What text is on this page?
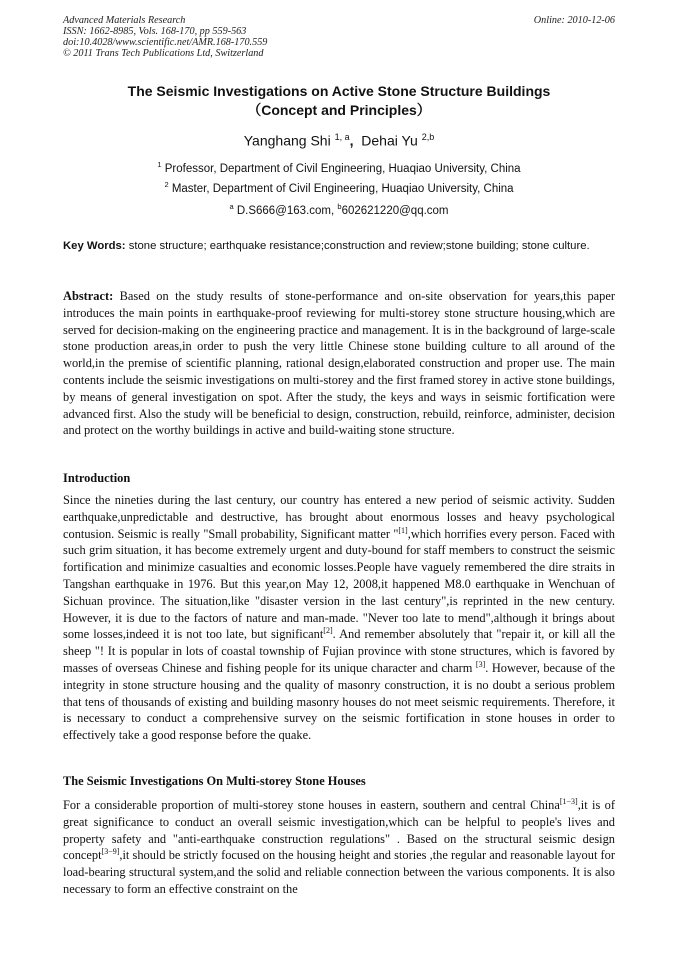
Advanced Materials Research	Online: 2010-12-06
ISSN: 1662-8985, Vols. 168-170, pp 559-563
doi:10.4028/www.scientific.net/AMR.168-170.559
© 2011 Trans Tech Publications Ltd, Switzerland
The Seismic Investigations on Active Stone Structure Buildings
（Concept and Principles）
Yanghang Shi $^{1, a}$, Dehai Yu $^{2,b}$
$^1$ Professor, Department of Civil Engineering, Huaqiao University, China
$^2$ Master, Department of Civil Engineering, Huaqiao University, China
$^a$ D.S666@163.com, $^b$602621220@qq.com
Key Words: stone structure; earthquake resistance;construction and review;stone building; stone culture.
Abstract: Based on the study results of stone-performance and on-site observation for years,this paper introduces the main points in earthquake-proof reviewing for multi-storey stone structure housing,which are served for decision-making on the engineering practice and management. It is in the background of large-scale stone production areas,in order to push the very little Chinese stone building culture to all around of the world,in the premise of scientific planning, rational design,elaborated construction and proper use. The main contents include the seismic investigations on multi-storey and the first framed storey in active stone buildings, by means of general investigation on spot. After the study, the keys and ways in seismic fortification were advanced first. Also the study will be beneficial to design, construction, rebuild, reinforce, administer, decision and protect on the worthy buildings in active and build-waiting stone structure.
Introduction
Since the nineties during the last century, our country has entered a new period of seismic activity. Sudden earthquake,unpredictable and destructive, has brought about enormous losses and heavy psychological contusion. Seismic is really "Small probability, Significant matter "[1],which horrifies every person. Faced with such grim situation, it has become extremely urgent and duty-bound for staff members to construct the seismic fortification and minimize casualties and economic losses.People have vaguely remembered the dire straits in Tangshan earthquake in 1976. But this year,on May 12, 2008,it happened M8.0 earthquake in Wenchuan of Sichuan province. The situation,like "disaster version in the last century",is reprinted in the new century. However, it is due to the factors of nature and man-made. "Never too late to mend",although it brings about some losses,indeed it is not too late, but significant[2]. And remember absolutely that "repair it, or kill all the sheep "! It is popular in lots of coastal township of Fujian province with stone structures, which is favored by masses of overseas Chinese and fishing people for its unique character and charm [3]. However, because of the integrity in stone structure housing and the quality of masonry construction, it is no doubt a serious problem that tens of thousands of existing and building masonry houses do not meet seismic requirements. Therefore, it is necessary to conduct a comprehensive survey on the seismic fortification in stone houses in order to effectively take a good response before the quake.
The Seismic Investigations On Multi-storey Stone Houses
For a considerable proportion of multi-storey stone houses in eastern, southern and central China[1−3],it is of great significance to conduct an overall seismic investigation,which can be helpful to people's lives and property safety and "anti-earthquake construction regulations" . Based on the structural seismic design concept[3−9],it should be strictly focused on the housing height and stories ,the regular and reasonable layout for load-bearing structural system,and the solid and reliable connection between the various components. It is also necessary to form an effective constraint on the
